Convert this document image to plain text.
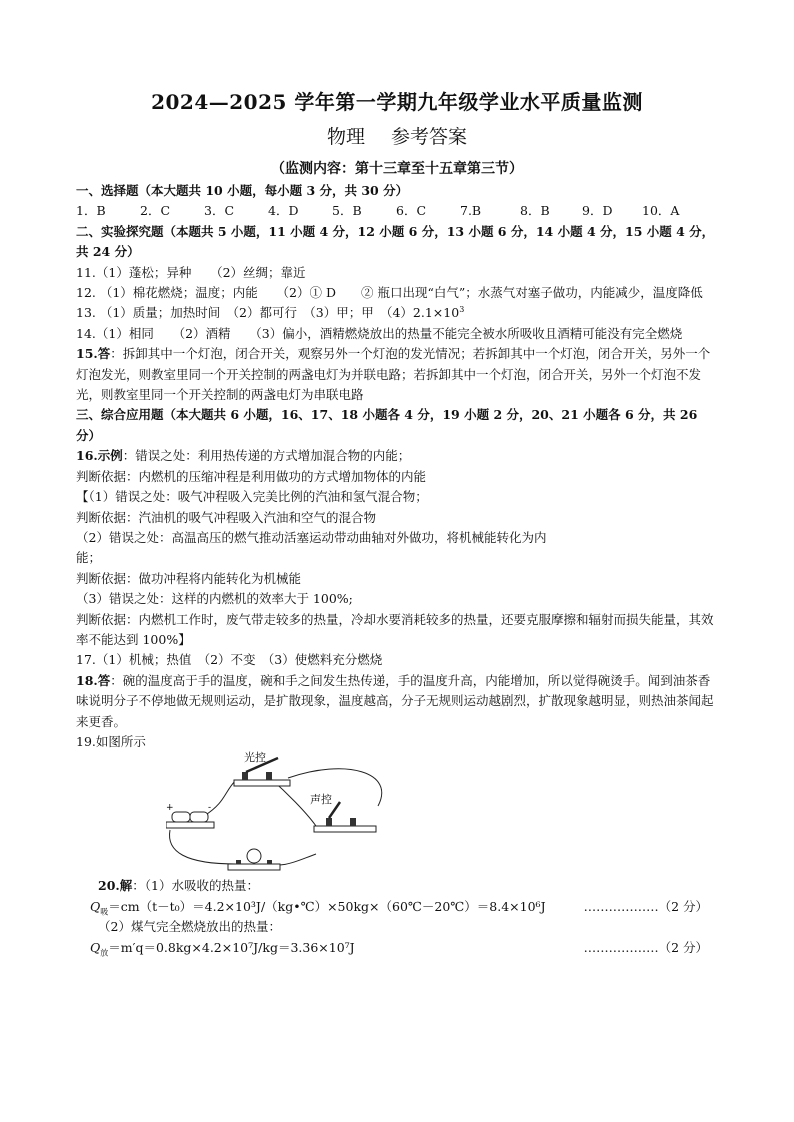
2024—2025 学年第一学期九年级学业水平质量监测
物理 参考答案
（监测内容：第十三章至十五章第三节）
一、选择题（本大题共 10 小题，每小题 3 分，共 30 分）
1．B	2．C	3．C	4．D	5．B	6．C	7.B	8．B	9．D	10．A
二、实验探究题（本题共 5 小题，11 小题 4 分，12 小题 6 分，13 小题 6 分，14 小题 4 分，15 小题 4 分，共 24 分）
11.（1）蓬松；异种　　（2）丝绸；靠近
12. （1）棉花燃烧；温度；内能　　（2）① D　　② 瓶口出现“白气”；水蒸气对塞子做功，内能减少，温度降低
13. （1）质量；加热时间　（2）都可行　（3）甲；甲　$(4)2.1\times 10^3$
14.（1）相同　　（2）酒精　　（3）偏小，酒精燃烧放出的热量不能完全被水所吸收且酒精可能没有完全燃烧
15.答：拆卸其中一个灯泡，闭合开关，观察另外一个灯泡的发光情况；若拆卸其中一个灯泡，闭合开关，另外一个灯泡发光，则教室里同一个开关控制的两盏电灯为并联电路；若拆卸其中一个灯泡，闭合开关，另外一个灯泡不发光，则教室里同一个开关控制的两盏电灯为串联电路
三、综合应用题（本大题共 6 小题，16、17、18 小题各 4 分，19 小题 2 分，20、21 小题各 6 分，共 26 分）
16.示例：错误之处：利用热传递的方式增加混合物的内能；
判断依据：内燃机的压缩冲程是利用做功的方式增加物体的内能
【（1）错误之处：吸气冲程吸入完美比例的汽油和氢气混合物；
判断依据：汽油机的吸气冲程吸入汽油和空气的混合物
（2）错误之处：高温高压的燃气推动活塞运动带动曲轴对外做功，将机械能转化为内
能；
判断依据：做功冲程将内能转化为机械能
（3）错误之处：这样的内燃机的效率大于 100%;
判断依据：内燃机工作时，废气带走较多的热量，冷却水要消耗较多的热量，还要克服摩擦和辐射而损失能量，其效率不能达到 100%】
17.（1）机械；热值　（2）不变　（3）使燃料充分燃烧
18.答：碗的温度高于手的温度，碗和手之间发生热传递，手的温度升高，内能增加，所以觉得碗烫手。闻到油茶香味说明分子不停地做无规则运动，是扩散现象，温度越高，分子无规则运动越剧烈，扩散现象越明显，则热油茶闻起来更香。
19.如图所示
+	-
光控
声控
20.解：（1）水吸收的热量：
$Q_吸=cm(t-t_0)=4.2\times 10^3J/(kg•℃)\times 50kg\times(60℃-20℃)=8.4\times 10^6J$	………………（2 分）
（2）煤气完全燃烧放出的热量：
$Q_放=m'q=0.8kg\times 4.2\times 10^7J/kg=3.36\times 10^7J$	………………（2 分）
